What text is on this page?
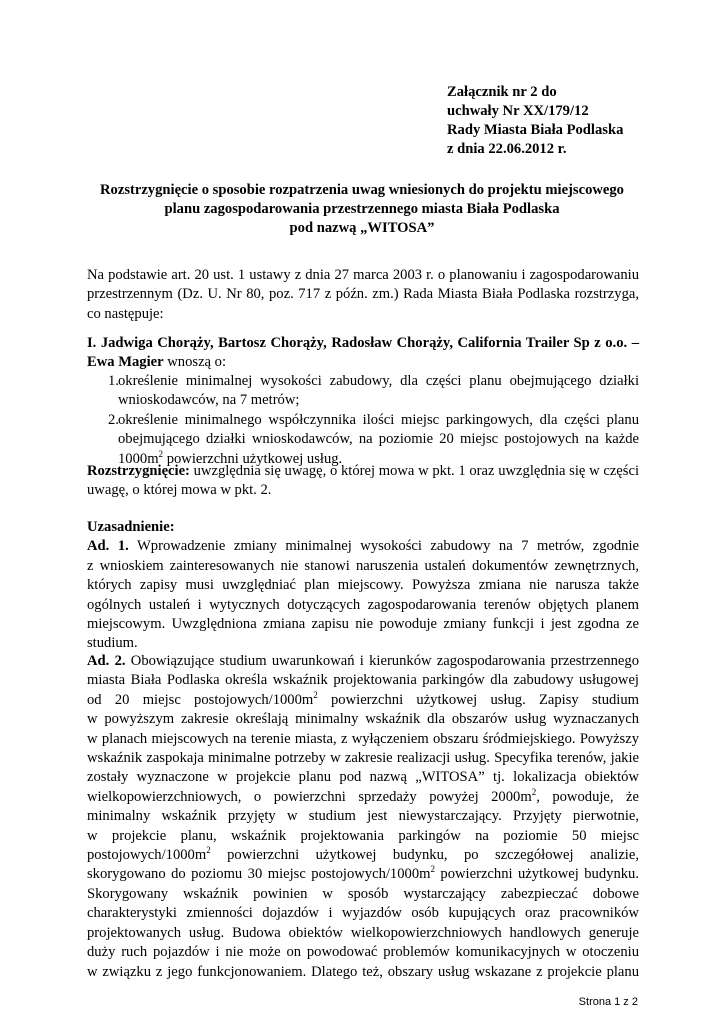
Załącznik nr 2 do
uchwały Nr XX/179/12
Rady Miasta Biała Podlaska
z dnia 22.06.2012 r.
Rozstrzygnięcie o sposobie rozpatrzenia uwag wniesionych do projektu miejscowego
planu zagospodarowania przestrzennego miasta Biała Podlaska
pod nazwą „WITOSA”
Na podstawie art. 20 ust. 1 ustawy z dnia 27 marca 2003 r. o planowaniu i zagospodarowaniu
przestrzennym (Dz. U. Nr 80, poz. 717 z późn. zm.) Rada Miasta Biała Podlaska rozstrzyga,
co następuje:
I. Jadwiga Chorąży, Bartosz Chorąży, Radosław Chorąży, California Trailer Sp z o.o. –
Ewa Magier wnoszą o:
1. określenie minimalnej wysokości zabudowy, dla części planu obejmującego działki
wnioskodawców, na 7 metrów;
2. określenie minimalnego współczynnika ilości miejsc parkingowych, dla części planu
obejmującego działki wnioskodawców, na poziomie 20 miejsc postojowych na każde
$1000m^2$ powierzchni użytkowej usług.
Rozstrzygnięcie: uwzględnia się uwagę, o której mowa w pkt. 1 oraz uwzględnia się w części
uwagę, o której mowa w pkt. 2.
Uzasadnienie:
Ad. 1. Wprowadzenie zmiany minimalnej wysokości zabudowy na 7 metrów, zgodnie
z wnioskiem zainteresowanych nie stanowi naruszenia ustaleń dokumentów zewnętrznych,
których zapisy musi uwzględniać plan miejscowy. Powyższa zmiana nie narusza także
ogólnych ustaleń i wytycznych dotyczących zagospodarowania terenów objętych planem
miejscowym. Uwzględniona zmiana zapisu nie powoduje zmiany funkcji i jest zgodna ze
studium.
Ad. 2. Obowiązujące studium uwarunkowań i kierunków zagospodarowania przestrzennego
miasta Biała Podlaska określa wskaźnik projektowania parkingów dla zabudowy usługowej
od 20 miejsc postojowych/$1000m^2$ powierzchni użytkowej usług. Zapisy studium
w powyższym zakresie określają minimalny wskaźnik dla obszarów usług wyznaczanych
w planach miejscowych na terenie miasta, z wyłączeniem obszaru śródmiejskiego. Powyższy
wskaźnik zaspokaja minimalne potrzeby w zakresie realizacji usług. Specyfika terenów, jakie
zostały wyznaczone w projekcie planu pod nazwą „WITOSA” tj. lokalizacja obiektów
wielkopowierzchniowych, o powierzchni sprzedaży powyżej $2000m^2$, powoduje, że
minimalny wskaźnik przyjęty w studium jest niewystarczający. Przyjęty pierwotnie,
w projekcie planu, wskaźnik projektowania parkingów na poziomie 50 miejsc
postojowych/$1000m^2$ powierzchni użytkowej budynku, po szczegółowej analizie,
skorygowano do poziomu 30 miejsc postojowych/$1000m^2$ powierzchni użytkowej budynku.
Skorygowany wskaźnik powinien w sposób wystarczający zabezpieczać dobowe
charakterystyki zmienności dojazdów i wyjazdów osób kupujących oraz pracowników
projektowanych usług. Budowa obiektów wielkopowierzchniowych handlowych generuje
duży ruch pojazdów i nie może on powodować problemów komunikacyjnych w otoczeniu
w związku z jego funkcjonowaniem. Dlatego też, obszary usług wskazane z projekcie planu
Strona 1 z 2
